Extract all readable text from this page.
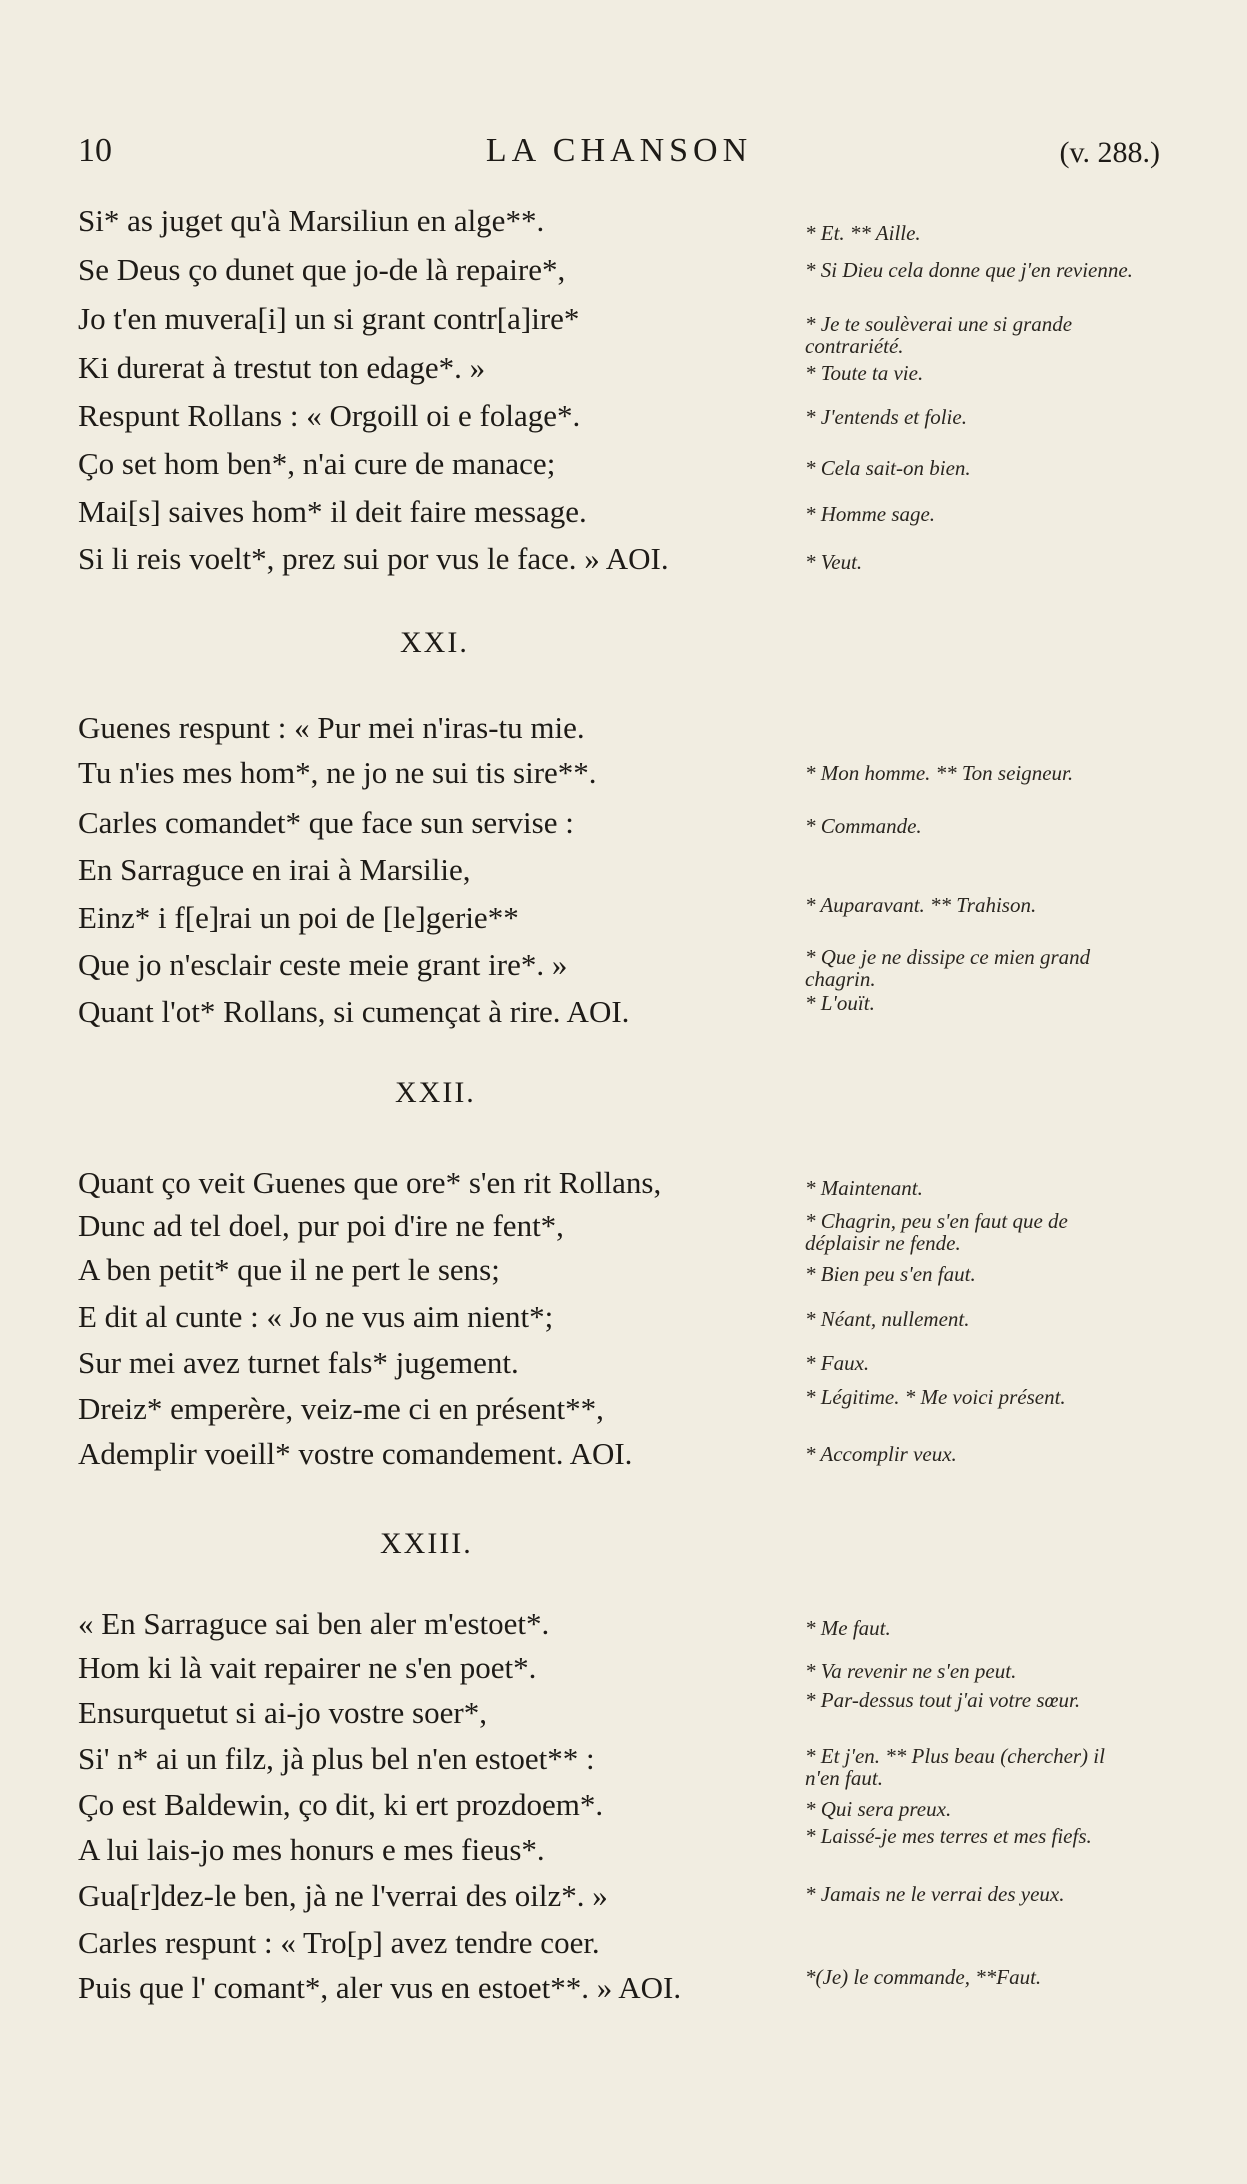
10	LA CHANSON	(v. 288.)
Si* as juget qu'à Marsiliun en alge**.
Se Deus ço dunet que jo-de là repaire*,
Jo t'en muvera[i] un si grant contr[a]ire*
Ki durerat à trestut ton edage*. »
Respunt Rollans : « Orgoill oi e folage*.
Ço set hom ben*, n'ai cure de manace;
Mai[s] saives hom* il deit faire message.
Si li reis voelt*, prez sui por vus le face. » AOI.
* Et. ** Aille.
* Si Dieu cela donne que j'en revienne.
* Je te soulèverai une si grande contrariété.
* Toute ta vie.
* J'entends et folie.
* Cela sait-on bien.
* Homme sage.
* Veut.
XXI.
Guenes respunt : « Pur mei n'iras-tu mie.
Tu n'ies mes hom*, ne jo ne sui tis sire**.
Carles comandet* que face sun servise :
En Sarraguce en irai à Marsilie,
Einz* i f[e]rai un poi de [le]gerie**
Que jo n'esclair ceste meie grant ire*. »
Quant l'ot* Rollans, si cumençat à rire. AOI.
* Mon homme. ** Ton seigneur.
* Commande.
* Auparavant. ** Trahison.
* Que je ne dissipe ce mien grand chagrin.
* L'ouït.
XXII.
Quant ço veit Guenes que ore* s'en rit Rollans,
Dunc ad tel doel, pur poi d'ire ne fent*,
A ben petit* que il ne pert le sens;
E dit al cunte : « Jo ne vus aim nient*;
Sur mei avez turnet fals* jugement.
Dreiz* emperère, veiz-me ci en présent**,
Ademplir voeill* vostre comandement. AOI.
* Maintenant.
* Chagrin, peu s'en faut que de déplaisir ne fende.
* Bien peu s'en faut.
* Néant, nullement.
* Faux.
* Légitime. * Me voici présent.
* Accomplir veux.
XXIII.
« En Sarraguce sai ben aler m'estoet*.
Hom ki là vait repairer ne s'en poet*.
Ensurquetut si ai-jo vostre soer*,
Si' n* ai un filz, jà plus bel n'en estoet** :
Ço est Baldewin, ço dit, ki ert prozdoem*.
A lui lais-jo mes honurs e mes fieus*.
Gua[r]dez-le ben, jà ne l'verrai des oilz*. »
Carles respunt : « Tro[p] avez tendre coer.
Puis que l' comant*, aler vus en estoet**. » AOI.
* Me faut.
* Va revenir ne s'en peut.
* Par-dessus tout j'ai votre sœur.
* Et j'en. ** Plus beau (chercher) il n'en faut.
* Qui sera preux.
* Laissé-je mes terres et mes fiefs.
* Jamais ne le verrai des yeux.
*(Je) le commande, **Faut.
